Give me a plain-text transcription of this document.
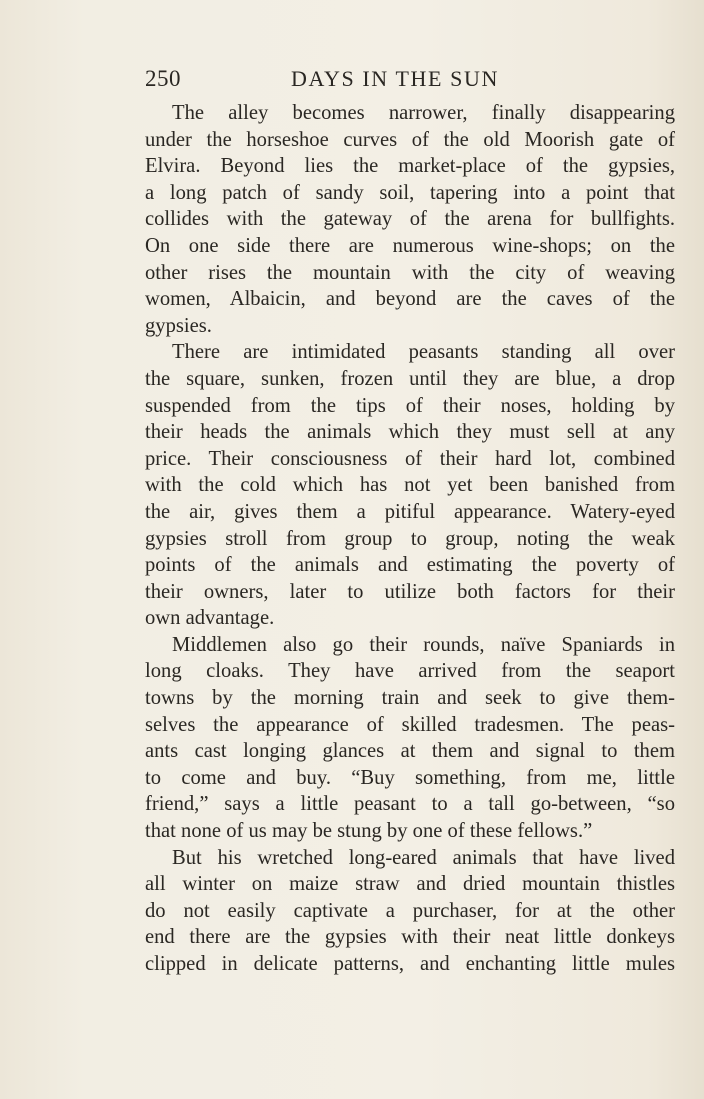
250	DAYS IN THE SUN

The alley becomes narrower, finally disappearing
under the horseshoe curves of the old Moorish gate of
Elvira. Beyond lies the market-place of the gypsies,
a long patch of sandy soil, tapering into a point that
collides with the gateway of the arena for bullfights.
On one side there are numerous wine-shops; on the
other rises the mountain with the city of weaving
women, Albaicin, and beyond are the caves of the
gypsies.

There are intimidated peasants standing all over
the square, sunken, frozen until they are blue, a drop
suspended from the tips of their noses, holding by
their heads the animals which they must sell at any
price. Their consciousness of their hard lot, combined
with the cold which has not yet been banished from
the air, gives them a pitiful appearance. Watery-eyed
gypsies stroll from group to group, noting the weak
points of the animals and estimating the poverty of
their owners, later to utilize both factors for their
own advantage.

Middlemen also go their rounds, naïve Spaniards in
long cloaks. They have arrived from the seaport
towns by the morning train and seek to give them-
selves the appearance of skilled tradesmen. The peas-
ants cast longing glances at them and signal to them
to come and buy. “Buy something, from me, little
friend,” says a little peasant to a tall go-between, “so
that none of us may be stung by one of these fellows.”

But his wretched long-eared animals that have lived
all winter on maize straw and dried mountain thistles
do not easily captivate a purchaser, for at the other
end there are the gypsies with their neat little donkeys
clipped in delicate patterns, and enchanting little mules
